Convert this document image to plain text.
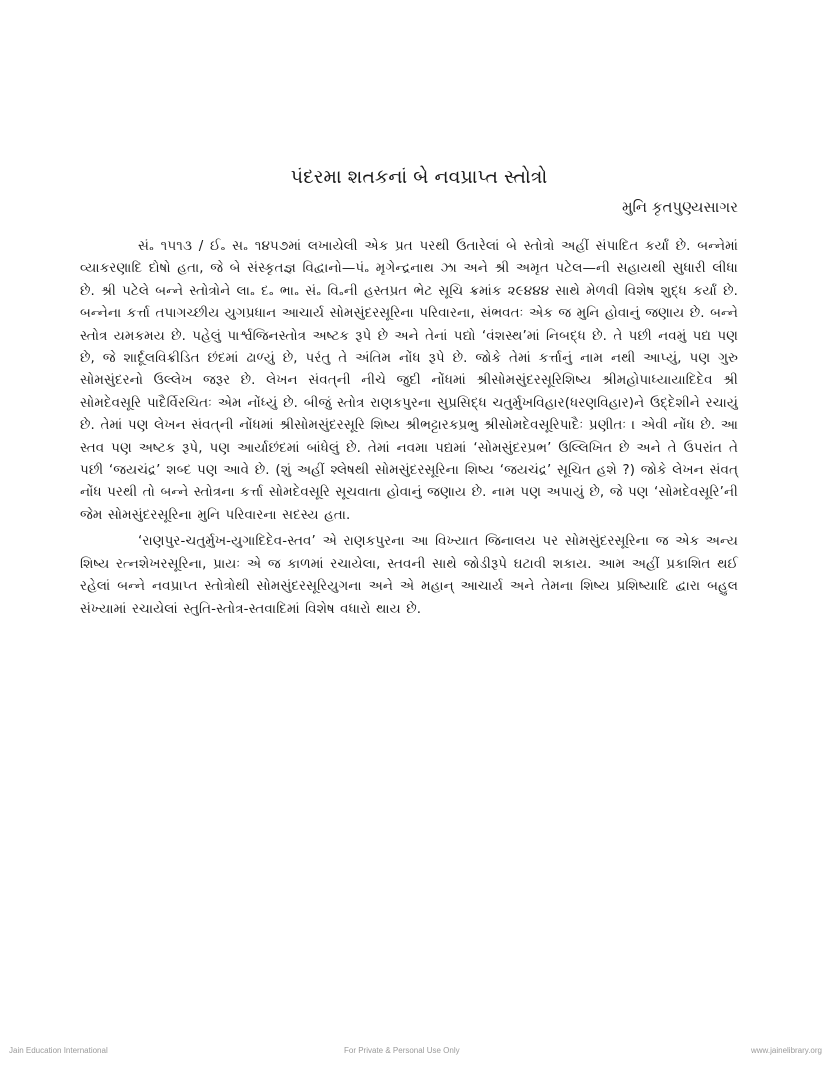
પંદરમા શતકનાં બે નવપ્રાપ્ત સ્તોત્રો
મુનિ કૃતપુણ્યસાગર

સં૰ ૧૫૧૩ / ઈ૰ સ૰ ૧૪૫૭માં લખાયેલી એક પ્રત પરથી ઉતારેલાં બે સ્તોત્રો અહીં સંપાદિત કર્યાં છે. બન્નેમાં વ્યાકરણાદિ દોષો હતા, જે બે સંસ્કૃતજ્ઞ વિદ્વાનો—પં૰ મૃગેન્દ્રનાથ ઝા અને શ્રી અમૃત પટેલ—ની સહાયથી સુધારી લીધા છે. શ્રી પટેલે બન્ને સ્તોત્રોને લા૰ દ૰ ભા૰ સં૰ વિ૰ની હસ્તપ્રત ભેટ સૂચિ ક્રમાંક ૨૯૪૪૪ સાથે મેળવી વિશેષ શુદ્ધ કર્યાં છે. બન્નેના કર્ત્તા તપાગચ્છીય યુગપ્રધાન આચાર્ય સોમસુંદરસૂરિના પરિવારના, સંભવતઃ એક જ મુનિ હોવાનું જણાય છે. બન્ને સ્તોત્ર યમકમય છે. પહેલું પાર્શ્વજિનસ્તોત્ર અષ્ટક રૂપે છે અને તેનાં પદ્યો ‘વંશસ્થ’માં નિબદ્ધ છે. તે પછી નવમું પદ્ય પણ છે, જે શાર્દૂલવિક્રીડિત છંદમાં ઢાળ્યું છે, પરંતુ તે અંતિમ નોંધ રૂપે છે. જોકે તેમાં કર્ત્તાનું નામ નથી આપ્યું, પણ ગુરુ સોમસુંદરનો ઉલ્લેખ જરૂર છે. લેખન સંવત્‌ની નીચે જુદી નોંધમાં શ્રીસોમસુંદરસૂરિશિષ્ય શ્રીમહોપાધ્યાયાદિદેવ શ્રી સોમદેવસૂરિ પાદૈર્વિરચિતઃ એમ નોંધ્યું છે. બીજું સ્તોત્ર રાણકપુરના સુપ્રસિદ્ધ ચતુર્મુખવિહાર(ધરણવિહાર)ને ઉદ્દેશીને રચાયું છે. તેમાં પણ લેખન સંવત્‌ની નોંધમાં શ્રીસોમસુંદરસૂરિ શિષ્ય શ્રીભટ્ટારકપ્રભુ શ્રીસોમદેવસૂરિપાદૈઃ પ્રણીતઃ । એવી નોંધ છે. આ સ્તવ પણ અષ્ટક રૂપે, પણ આર્યાછંદમાં બાંધેલું છે. તેમાં નવમા પદ્યમાં ‘સોમસુંદરપ્રભ’ ઉલ્લિખિત છે અને તે ઉપરાંત તે પછી ‘જયચંદ્ર’ શબ્દ પણ આવે છે. (શું અહીં શ્લેષથી સોમસુંદરસૂરિના શિષ્ય ‘જયચંદ્ર’ સૂચિત હશે ?) જોકે લેખન સંવત્‌ નોંધ પરથી તો બન્ને સ્તોત્રના કર્ત્તા સોમદેવસૂરિ સૂચવાતા હોવાનું જણાય છે. નામ પણ અપાયું છે, જે પણ ‘સોમદેવસૂરિ’ની જેમ સોમસુંદરસૂરિના મુનિ પરિવારના સદસ્ય હતા.

‘રાણપુર-ચતુર્મુખ-યુગાદિદેવ-સ્તવ’ એ રાણકપુરના આ વિખ્યાત જિનાલય પર સોમસુંદરસૂરિના જ એક અન્ય શિષ્ય રત્નશેખરસૂરિના, પ્રાયઃ એ જ કાળમાં રચાયેલા, સ્તવની સાથે જોડીરૂપે ઘટાવી શકાય. આમ અહીં પ્રકાશિત થઈ રહેલાં બન્ને નવપ્રાપ્ત સ્તોત્રોથી સોમસુંદરસૂરિયુગના અને એ મહાન્‌ આચાર્ય અને તેમના શિષ્ય પ્રશિષ્યાદિ દ્વારા બહુલ સંખ્યામાં રચાયેલાં સ્તુતિ-સ્તોત્ર-સ્તવાદિમાં વિશેષ વધારો થાય છે.

Jain Education International	For Private & Personal Use Only	www.jainelibrary.org
